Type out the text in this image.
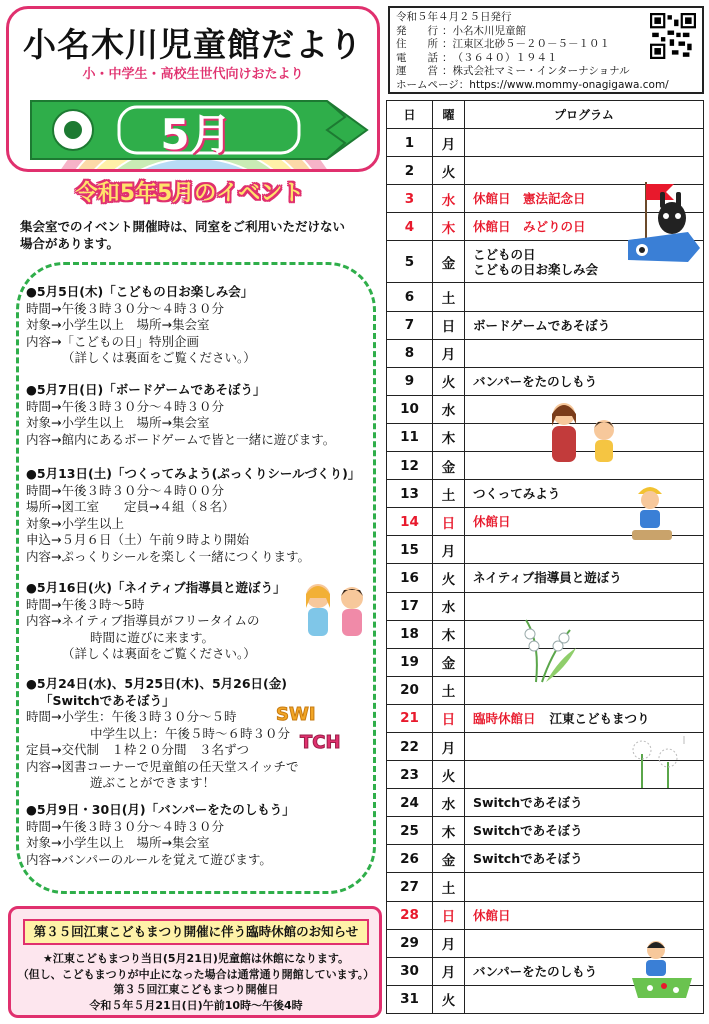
小名木川児童館だより
小・中学生・高校生世代向けおたより
5月
令和５年４月２５日発行
発行 ： 小名木川児童館
住所 ： 江東区北砂５－２０－５－１０１
電話 ： （３６４０）１９４１
運営 ： 株式会社マミー・インターナショナル
ホームページ： https://www.mommy-onagigawa.com/
令和5年5月のイベント
集会室でのイベント開催時は、同室をご利用いただけない
場合があります。
●5月5日(木)「こどもの日お楽しみ会」
時間→午後３時３０分～４時３０分
対象→小学生以上　場所→集会室
内容→「こどもの日」特別企画
（詳しくは裏面をご覧ください。）
●5月7日(日)「ボードゲームであそぼう」
時間→午後３時３０分～４時３０分
対象→小学生以上　場所→集会室
内容→館内にあるボードゲームで皆と一緒に遊びます。
●5月13日(土)「つくってみよう(ぷっくりシールづくり)」
時間→午後３時３０分～４時００分
場所→図工室　　定員→４組（８名）
対象→小学生以上
申込→５月６日（土）午前９時より開始
内容→ぷっくりシールを楽しく一緒につくります。
●5月16日(火)「ネイティブ指導員と遊ぼう」
時間→午後３時～5時
内容→ネイティブ指導員がフリータイムの
時間に遊びに来ます。
（詳しくは裏面をご覧ください。）
●5月24日(水)、5月25日(木)、5月26日(金)
「Switchであそぼう」
時間→小学生：午後３時３０分～５時
中学生以上：午後５時～６時３０分
定員→交代制　１枠２０分間　３名ずつ
内容→図書コーナーで児童館の任天堂スイッチで
遊ぶことができます！
●5月9日・30日(月)「バンパーをたのしもう」
時間→午後３時３０分～４時３０分
対象→小学生以上　場所→集会室
内容→バンパーのルールを覚えて遊びます。
SWI
TCH
第３５回江東こどもまつり開催に伴う臨時休館のお知らせ
★江東こどもまつり当日(5月21日)児童館は休館になります。
（但し、こどもまつりが中止になった場合は通常通り開館しています。）
第３５回江東こどもまつり開催日
令和５年５月21日(日)午前10時～午後4時
日	曜	プログラム
1	月	
2	火	
3	水	休館日　憲法記念日
4	木	休館日　みどりの日
5	金	こどもの日
こどもの日お楽しみ会
6	土	
7	日	ボードゲームであそぼう
8	月	
9	火	バンパーをたのしもう
10	水	
11	木	
12	金	
13	土	つくってみよう
14	日	休館日
15	月	
16	火	ネイティブ指導員と遊ぼう
17	水	
18	木	
19	金	
20	土	
21	日	臨時休館日 江東こどもまつり
22	月	
23	火	
24	水	Switchであそぼう
25	木	Switchであそぼう
26	金	Switchであそぼう
27	土	
28	日	休館日
29	月	
30	月	バンパーをたのしもう
31	火	
